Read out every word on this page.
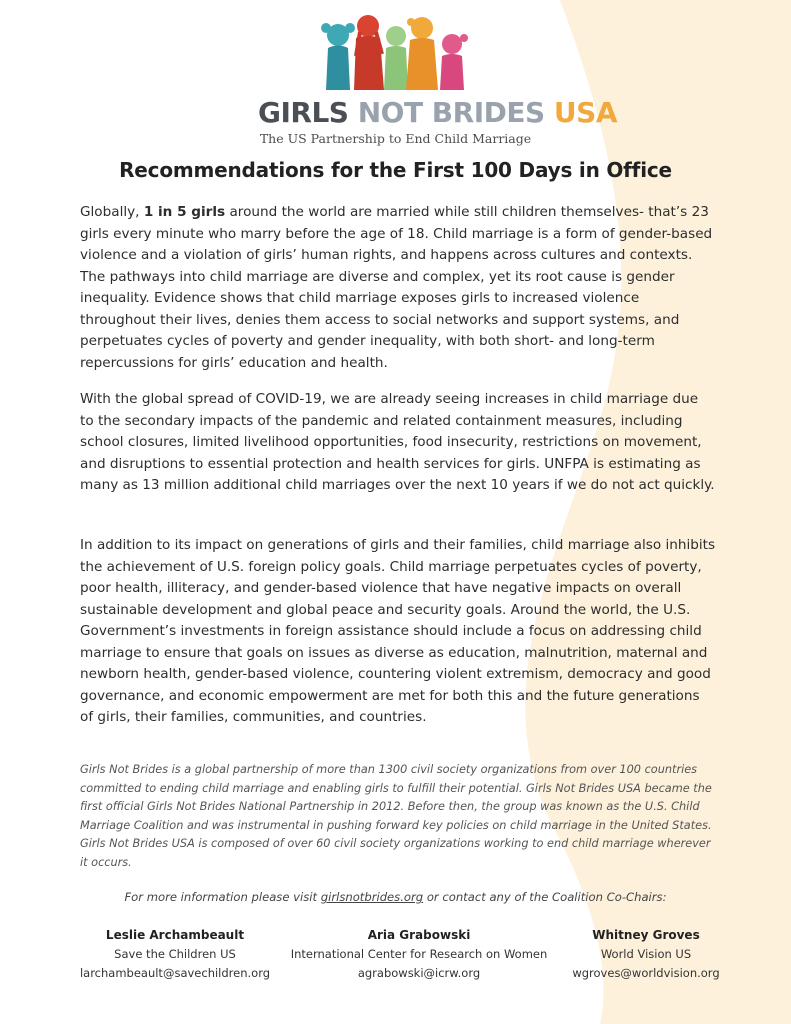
GIRLS NOT BRIDES USA
The US Partnership to End Child Marriage
Recommendations for the First 100 Days in Office

Globally, 1 in 5 girls around the world are married while still children themselves- that’s 23 girls every minute who marry before the age of 18. Child marriage is a form of gender-based violence and a violation of girls’ human rights, and happens across cultures and contexts. The pathways into child marriage are diverse and complex, yet its root cause is gender inequality. Evidence shows that child marriage exposes girls to increased violence throughout their lives, denies them access to social networks and support systems, and perpetuates cycles of poverty and gender inequality, with both short- and long-term repercussions for girls’ education and health.

With the global spread of COVID-19, we are already seeing increases in child marriage due to the secondary impacts of the pandemic and related containment measures, including school closures, limited livelihood opportunities, food insecurity, restrictions on movement, and disruptions to essential protection and health services for girls. UNFPA is estimating as many as 13 million additional child marriages over the next 10 years if we do not act quickly.

In addition to its impact on generations of girls and their families, child marriage also inhibits the achievement of U.S. foreign policy goals. Child marriage perpetuates cycles of poverty, poor health, illiteracy, and gender-based violence that have negative impacts on overall sustainable development and global peace and security goals. Around the world, the U.S. Government’s investments in foreign assistance should include a focus on addressing child marriage to ensure that goals on issues as diverse as education, malnutrition, maternal and newborn health, gender-based violence, countering violent extremism, democracy and good governance, and economic empowerment are met for both this and the future generations of girls, their families, communities, and countries.

Girls Not Brides is a global partnership of more than 1300 civil society organizations from over 100 countries committed to ending child marriage and enabling girls to fulfill their potential. Girls Not Brides USA became the first official Girls Not Brides National Partnership in 2012. Before then, the group was known as the U.S. Child Marriage Coalition and was instrumental in pushing forward key policies on child marriage in the United States. Girls Not Brides USA is composed of over 60 civil society organizations working to end child marriage wherever it occurs.

For more information please visit girlsnotbrides.org or contact any of the Coalition Co-Chairs:
Leslie Archambeault
Save the Children US
larchambeault@savechildren.org
Aria Grabowski
International Center for Research on Women
agrabowski@icrw.org
Whitney Groves
World Vision US
wgroves@worldvision.org
